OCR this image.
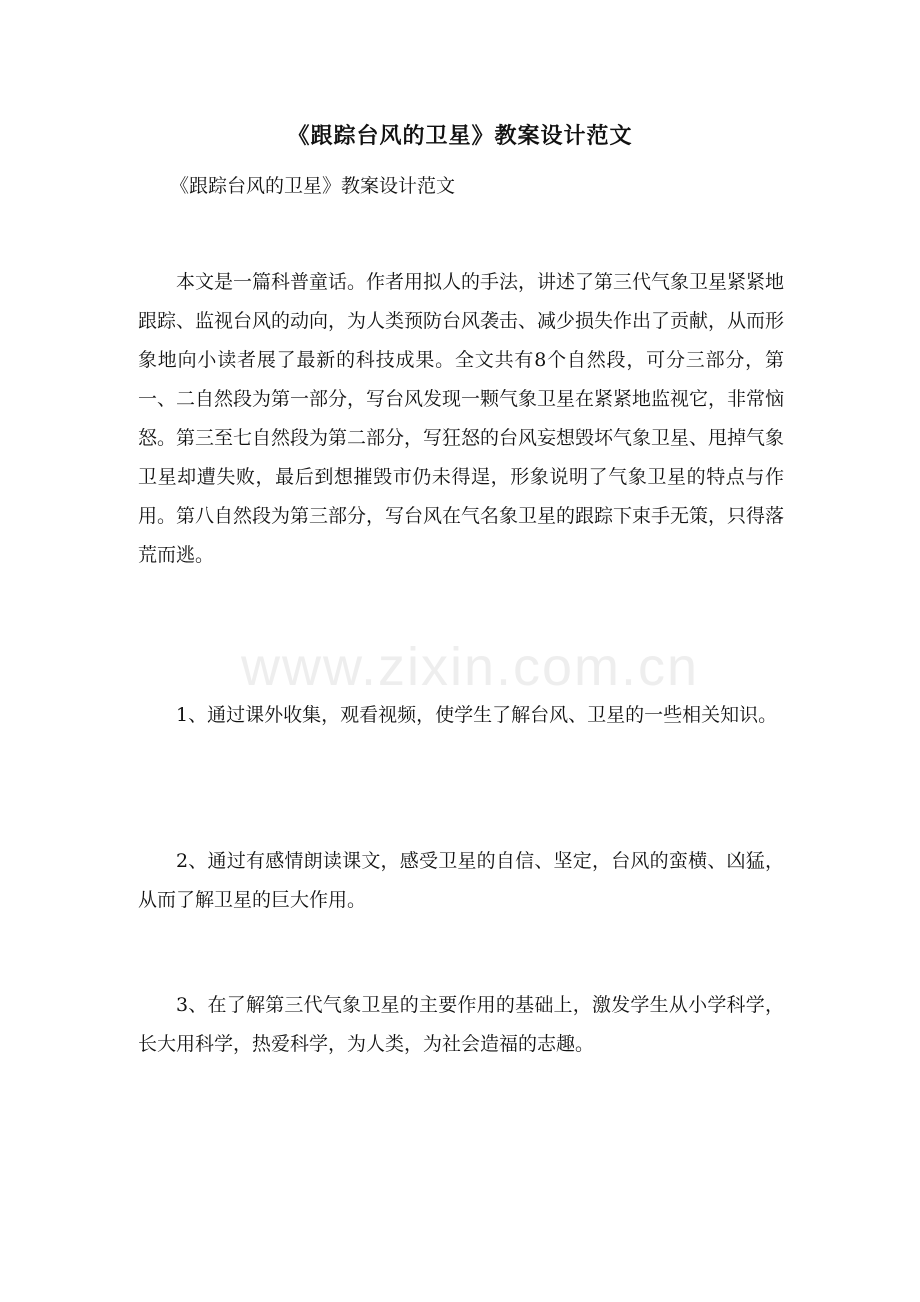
《跟踪台风的卫星》教案设计范文
《跟踪台风的卫星》教案设计范文

本文是一篇科普童话。作者用拟人的手法，讲述了第三代气象卫星紧紧地跟踪、监视台风的动向，为人类预防台风袭击、减少损失作出了贡献，从而形象地向小读者展了最新的科技成果。全文共有8个自然段，可分三部分，第一、二自然段为第一部分，写台风发现一颗气象卫星在紧紧地监视它，非常恼怒。第三至七自然段为第二部分，写狂怒的台风妄想毁坏气象卫星、甩掉气象卫星却遭失败，最后到想摧毁市仍未得逞，形象说明了气象卫星的特点与作用。第八自然段为第三部分，写台风在气名象卫星的跟踪下束手无策，只得落荒而逃。

1、通过课外收集，观看视频，使学生了解台风、卫星的一些相关知识。

2、通过有感情朗读课文，感受卫星的自信、坚定，台风的蛮横、凶猛，从而了解卫星的巨大作用。

3、在了解第三代气象卫星的主要作用的基础上，激发学生从小学科学，长大用科学，热爱科学，为人类，为社会造福的志趣。

www.zixin.com.cn
